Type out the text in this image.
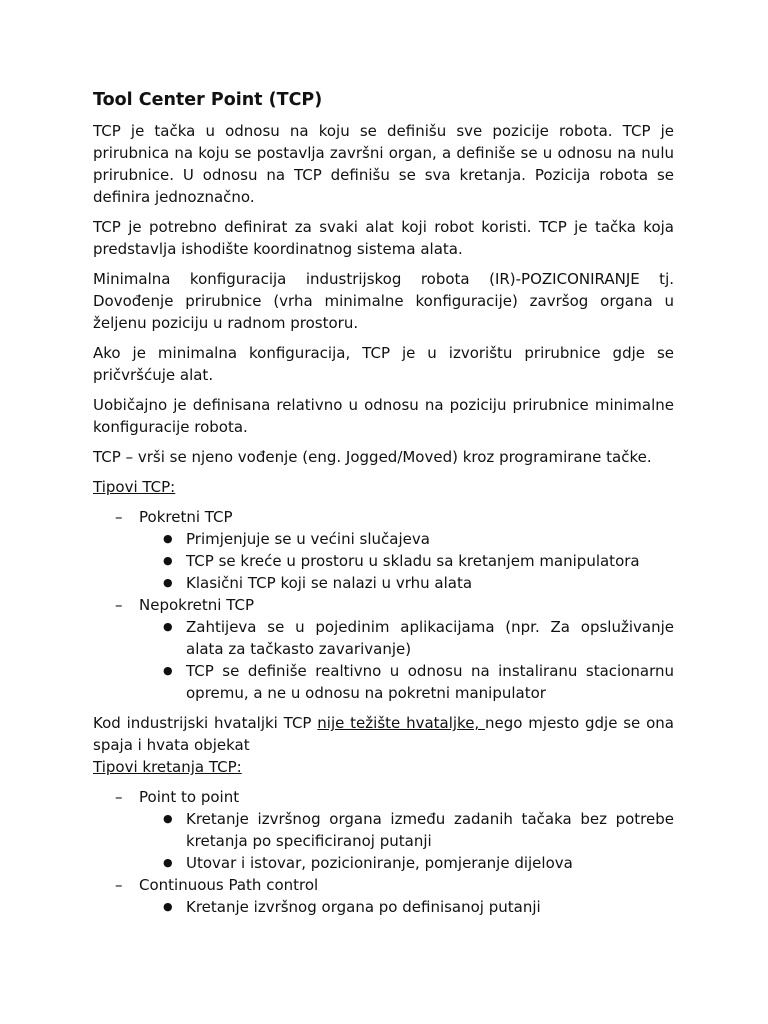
Tool Center Point (TCP)
TCP je tačka u odnosu na koju se definišu sve pozicije robota. TCP je prirubnica na koju se postavlja završni organ, a definiše se u odnosu na nulu prirubnice. U odnosu na TCP definišu se sva kretanja. Pozicija robota se definira jednoznačno.
TCP je potrebno definirat za svaki alat koji robot koristi. TCP je tačka koja predstavlja ishodište koordinatnog sistema alata.
Minimalna konfiguracija industrijskog robota (IR)-POZICONIRANJE tj. Dovođenje prirubnice (vrha minimalne konfiguracije) završog organa u željenu poziciju u radnom prostoru.
Ako je minimalna konfiguracija, TCP je u izvorištu prirubnice gdje se pričvršćuje alat.
Uobičajno je definisana relativno u odnosu na poziciju prirubnice minimalne konfiguracije robota.
TCP – vrši se njeno vođenje (eng. Jogged/Moved) kroz programirane tačke.
Tipovi TCP:
– Pokretni TCP
● Primjenjuje se u većini slučajeva
● TCP se kreće u prostoru u skladu sa kretanjem manipulatora
● Klasični TCP koji se nalazi u vrhu alata
– Nepokretni TCP
● Zahtijeva se u pojedinim aplikacijama (npr. Za opsluživanje alata za tačkasto zavarivanje)
● TCP se definiše realtivno u odnosu na instaliranu stacionarnu opremu, a ne u odnosu na pokretni manipulator
Kod industrijski hvataljki TCP nije težište hvataljke, nego mjesto gdje se ona spaja i hvata objekat
Tipovi kretanja TCP:
– Point to point
● Kretanje izvršnog organa između zadanih tačaka bez potrebe kretanja po specificiranoj putanji
● Utovar i istovar, pozicioniranje, pomjeranje dijelova
– Continuous Path control
● Kretanje izvršnog organa po definisanoj putanji
